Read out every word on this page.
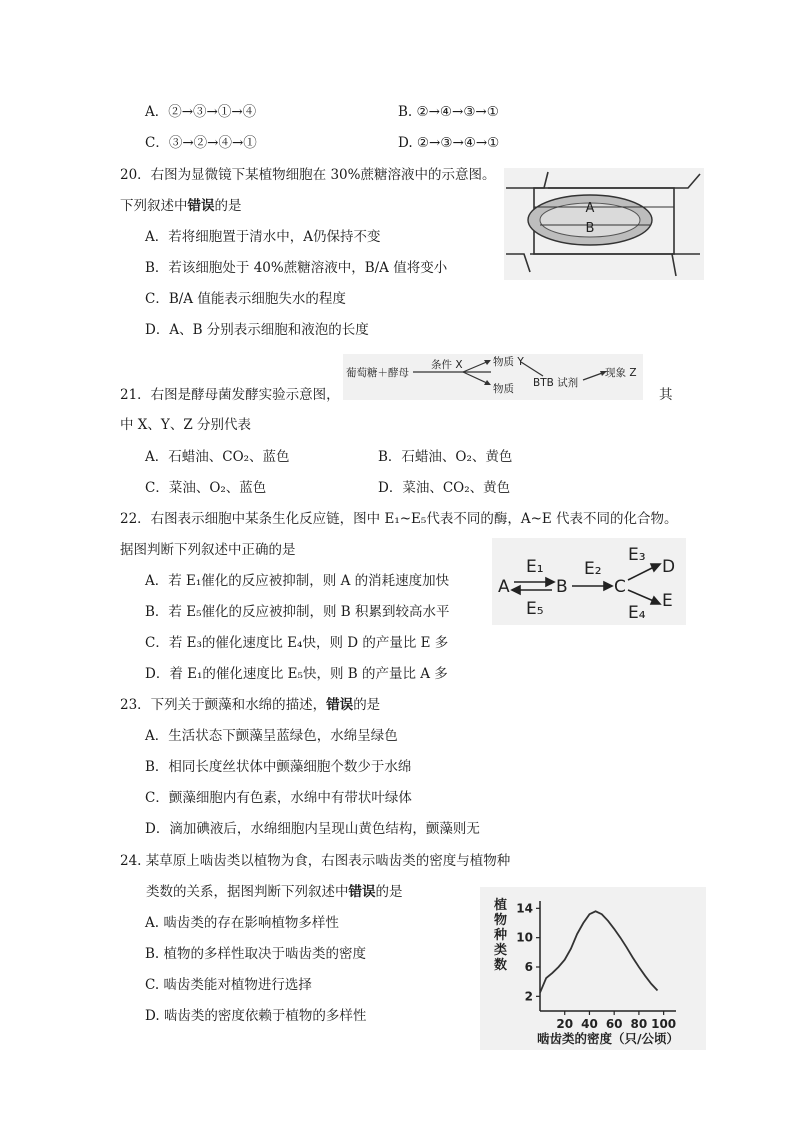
A．②→③→①→④	B. ②→④→③→①
C．③→②→④→①	D. ②→③→④→①
20．右图为显微镜下某植物细胞在 30%蔗糖溶液中的示意图。
下列叙述中错误的是
A．若将细胞置于清水中，A仍保持不变
B．若该细胞处于 40%蔗糖溶液中，B/A 值将变小
C．B/A 值能表示细胞失水的程度
D．A、B 分别表示细胞和液泡的长度
A
B
葡萄糖＋酵母
条件 X	物质 Y
物质 BTB 试剂
现象 Z
21．右图是酵母菌发酵实验示意图，	其
中 X、Y、Z 分别代表
A．石蜡油、CO₂、蓝色	B．石蜡油、O₂、黄色
C．菜油、O₂、蓝色	D．菜油、CO₂、黄色
22．右图表示细胞中某条生化反应链，图中 E₁~E₅代表不同的酶，A~E 代表不同的化合物。
据图判断下列叙述中正确的是
A．若 E₁催化的反应被抑制，则 A 的消耗速度加快
B．若 E₅催化的反应被抑制，则 B 积累到较高水平
C．若 E₃的催化速度比 E₄快，则 D 的产量比 E 多
D．着 E₁的催化速度比 E₅快，则 B 的产量比 A 多
A	B	C
D
E
E₁ E₂
E₃
E₄
E₅
23．下列关于颤藻和水绵的描述，错误的是
A．生活状态下颤藻呈蓝绿色，水绵呈绿色
B．相同长度丝状体中颤藻细胞个数少于水绵
C．颤藻细胞内有色素，水绵中有带状叶绿体
D．滴加碘液后，水绵细胞内呈现山黄色结构，颤藻则无
24. 某草原上啮齿类以植物为食，右图表示啮齿类的密度与植物种
类数的关系，据图判断下列叙述中错误的是
A. 啮齿类的存在影响植物多样性
B. 植物的多样性取决于啮齿类的密度
C. 啮齿类能对植物进行选择
D. 啮齿类的密度依赖于植物的多样性
植物种类数
2
6
10
14
20 40 60 80 100
啮齿类的密度（只/公顷）
